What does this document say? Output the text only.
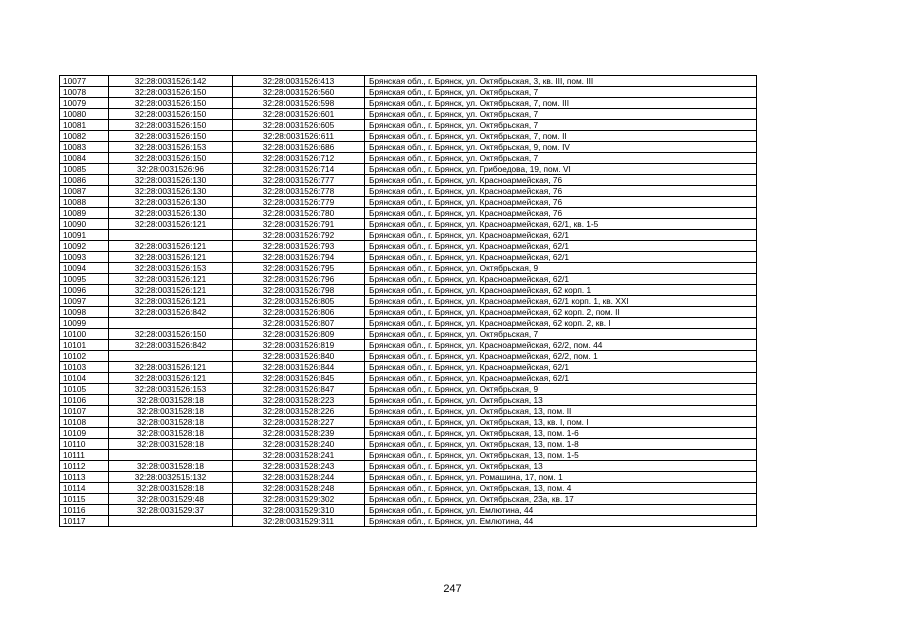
10077	32:28:0031526:142	32:28:0031526:413	Брянская обл., г. Брянск, ул. Октябрьская, 3, кв. III, пом. III
10078	32:28:0031526:150	32:28:0031526:560	Брянская обл., г. Брянск, ул. Октябрьская, 7
10079	32:28:0031526:150	32:28:0031526:598	Брянская обл., г. Брянск, ул. Октябрьская, 7, пом. III
10080	32:28:0031526:150	32:28:0031526:601	Брянская обл., г. Брянск, ул. Октябрьская, 7
10081	32:28:0031526:150	32:28:0031526:605	Брянская обл., г. Брянск, ул. Октябрьская, 7
10082	32:28:0031526:150	32:28:0031526:611	Брянская обл., г. Брянск, ул. Октябрьская, 7, пом. II
10083	32:28:0031526:153	32:28:0031526:686	Брянская обл., г. Брянск, ул. Октябрьская, 9, пом. IV
10084	32:28:0031526:150	32:28:0031526:712	Брянская обл., г. Брянск, ул. Октябрьская, 7
10085	32:28:0031526:96	32:28:0031526:714	Брянская обл., г. Брянск, ул. Грибоедова, 19, пом. VI
10086	32:28:0031526:130	32:28:0031526:777	Брянская обл., г. Брянск, ул. Красноармейская, 76
10087	32:28:0031526:130	32:28:0031526:778	Брянская обл., г. Брянск, ул. Красноармейская, 76
10088	32:28:0031526:130	32:28:0031526:779	Брянская обл., г. Брянск, ул. Красноармейская, 76
10089	32:28:0031526:130	32:28:0031526:780	Брянская обл., г. Брянск, ул. Красноармейская, 76
10090	32:28:0031526:121	32:28:0031526:791	Брянская обл., г. Брянск, ул. Красноармейская, 62/1, кв. 1-5
10091		32:28:0031526:792	Брянская обл., г. Брянск, ул. Красноармейская, 62/1
10092	32:28:0031526:121	32:28:0031526:793	Брянская обл., г. Брянск, ул. Красноармейская, 62/1
10093	32:28:0031526:121	32:28:0031526:794	Брянская обл., г. Брянск, ул. Красноармейская, 62/1
10094	32:28:0031526:153	32:28:0031526:795	Брянская обл., г. Брянск, ул. Октябрьская, 9
10095	32:28:0031526:121	32:28:0031526:796	Брянская обл., г. Брянск, ул. Красноармейская, 62/1
10096	32:28:0031526:121	32:28:0031526:798	Брянская обл., г. Брянск, ул. Красноармейская, 62 корп. 1
10097	32:28:0031526:121	32:28:0031526:805	Брянская обл., г. Брянск, ул. Красноармейская, 62/1 корп. 1, кв. XXI
10098	32:28:0031526:842	32:28:0031526:806	Брянская обл., г. Брянск, ул. Красноармейская, 62 корп. 2, пом. II
10099		32:28:0031526:807	Брянская обл., г. Брянск, ул. Красноармейская, 62 корп. 2, кв. I
10100	32:28:0031526:150	32:28:0031526:809	Брянская обл., г. Брянск, ул. Октябрьская, 7
10101	32:28:0031526:842	32:28:0031526:819	Брянская обл., г. Брянск, ул. Красноармейская, 62/2, пом. 44
10102		32:28:0031526:840	Брянская обл., г. Брянск, ул. Красноармейская, 62/2, пом. 1
10103	32:28:0031526:121	32:28:0031526:844	Брянская обл., г. Брянск, ул. Красноармейская, 62/1
10104	32:28:0031526:121	32:28:0031526:845	Брянская обл., г. Брянск, ул. Красноармейская, 62/1
10105	32:28:0031526:153	32:28:0031526:847	Брянская обл., г. Брянск, ул. Октябрьская, 9
10106	32:28:0031528:18	32:28:0031528:223	Брянская обл., г. Брянск, ул. Октябрьская, 13
10107	32:28:0031528:18	32:28:0031528:226	Брянская обл., г. Брянск, ул. Октябрьская, 13, пом. II
10108	32:28:0031528:18	32:28:0031528:227	Брянская обл., г. Брянск, ул. Октябрьская, 13, кв. I, пом. I
10109	32:28:0031528:18	32:28:0031528:239	Брянская обл., г. Брянск, ул. Октябрьская, 13, пом. 1-6
10110	32:28:0031528:18	32:28:0031528:240	Брянская обл., г. Брянск, ул. Октябрьская, 13, пом. 1-8
10111		32:28:0031528:241	Брянская обл., г. Брянск, ул. Октябрьская, 13, пом. 1-5
10112	32:28:0031528:18	32:28:0031528:243	Брянская обл., г. Брянск, ул. Октябрьская, 13
10113	32:28:0032515:132	32:28:0031528:244	Брянская обл., г. Брянск, ул. Ромашина, 17, пом. 1
10114	32:28:0031528:18	32:28:0031528:248	Брянская обл., г. Брянск, ул. Октябрьская, 13, пом. 4
10115	32:28:0031529:48	32:28:0031529:302	Брянская обл., г. Брянск, ул. Октябрьская, 23а, кв. 17
10116	32:28:0031529:37	32:28:0031529:310	Брянская обл., г. Брянск, ул. Емлютина, 44
10117		32:28:0031529:311	Брянская обл., г. Брянск, ул. Емлютина, 44
247
